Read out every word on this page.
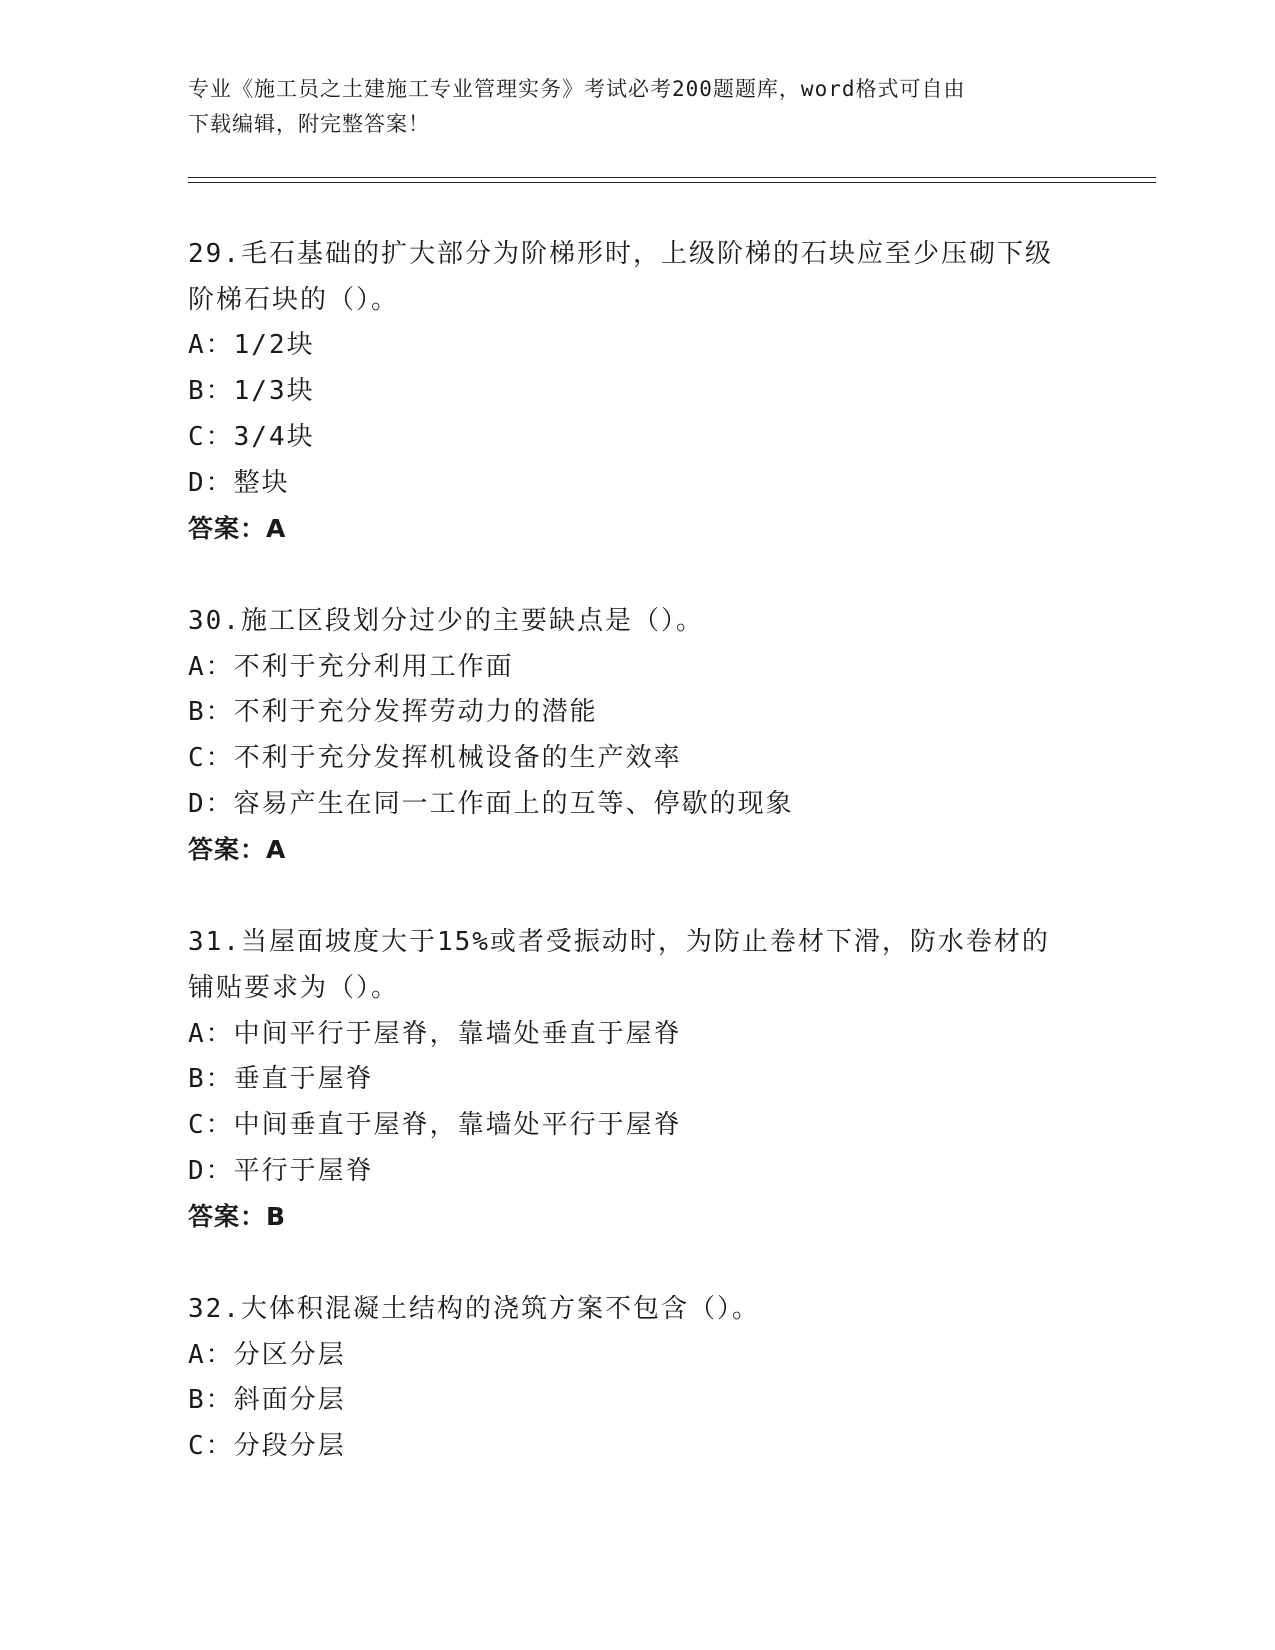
专业《施工员之土建施工专业管理实务》考试必考200题题库，word格式可自由
下载编辑，附完整答案！
29.毛石基础的扩大部分为阶梯形时，上级阶梯的石块应至少压砌下级
阶梯石块的（）。
A：1/2块
B：1/3块
C：3/4块
D：整块
答案：A
30.施工区段划分过少的主要缺点是（）。
A：不利于充分利用工作面
B：不利于充分发挥劳动力的潜能
C：不利于充分发挥机械设备的生产效率
D：容易产生在同一工作面上的互等、停歇的现象
答案：A
31.当屋面坡度大于15%或者受振动时，为防止卷材下滑，防水卷材的
铺贴要求为（）。
A：中间平行于屋脊，靠墙处垂直于屋脊
B：垂直于屋脊
C：中间垂直于屋脊，靠墙处平行于屋脊
D：平行于屋脊
答案：B
32.大体积混凝土结构的浇筑方案不包含（）。
A：分区分层
B：斜面分层
C：分段分层
